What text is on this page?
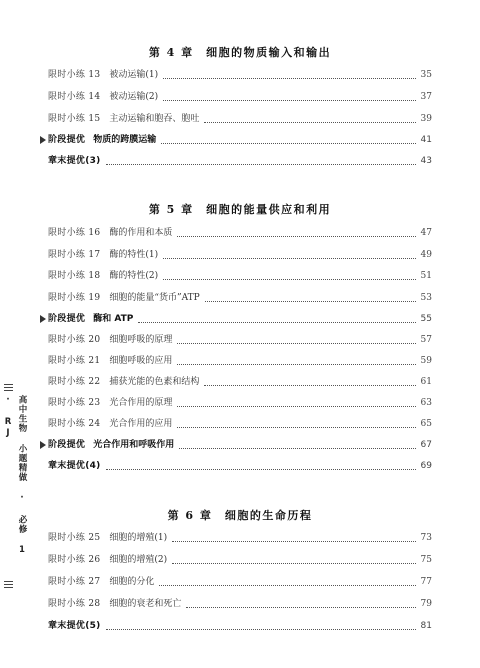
第 4 章　细胞的物质输入和输出
限时小练 13 被动运输(1)	35
限时小练 14 被动运输(2)	37
限时小练 15 主动运输和胞吞、胞吐	39
阶段提优 物质的跨膜运输	41
章末提优(3)	43
第 5 章　细胞的能量供应和利用
限时小练 16 酶的作用和本质	47
限时小练 17 酶的特性(1)	49
限时小练 18 酶的特性(2)	51
限时小练 19 细胞的能量“货币”ATP	53
阶段提优 酶和 ATP	55
限时小练 20 细胞呼吸的原理	57
限时小练 21 细胞呼吸的应用	59
限时小练 22 捕获光能的色素和结构	61
限时小练 23 光合作用的原理	63
限时小练 24 光合作用的应用	65
阶段提优 光合作用和呼吸作用	67
章末提优(4)	69
第 6 章　细胞的生命历程
限时小练 25 细胞的增殖(1)	73
限时小练 26 细胞的增殖(2)	75
限时小练 27 细胞的分化	77
限时小练 28 细胞的衰老和死亡	79
章末提优(5)	81
高中生物 小题精做 · 必修 1 · RJ
